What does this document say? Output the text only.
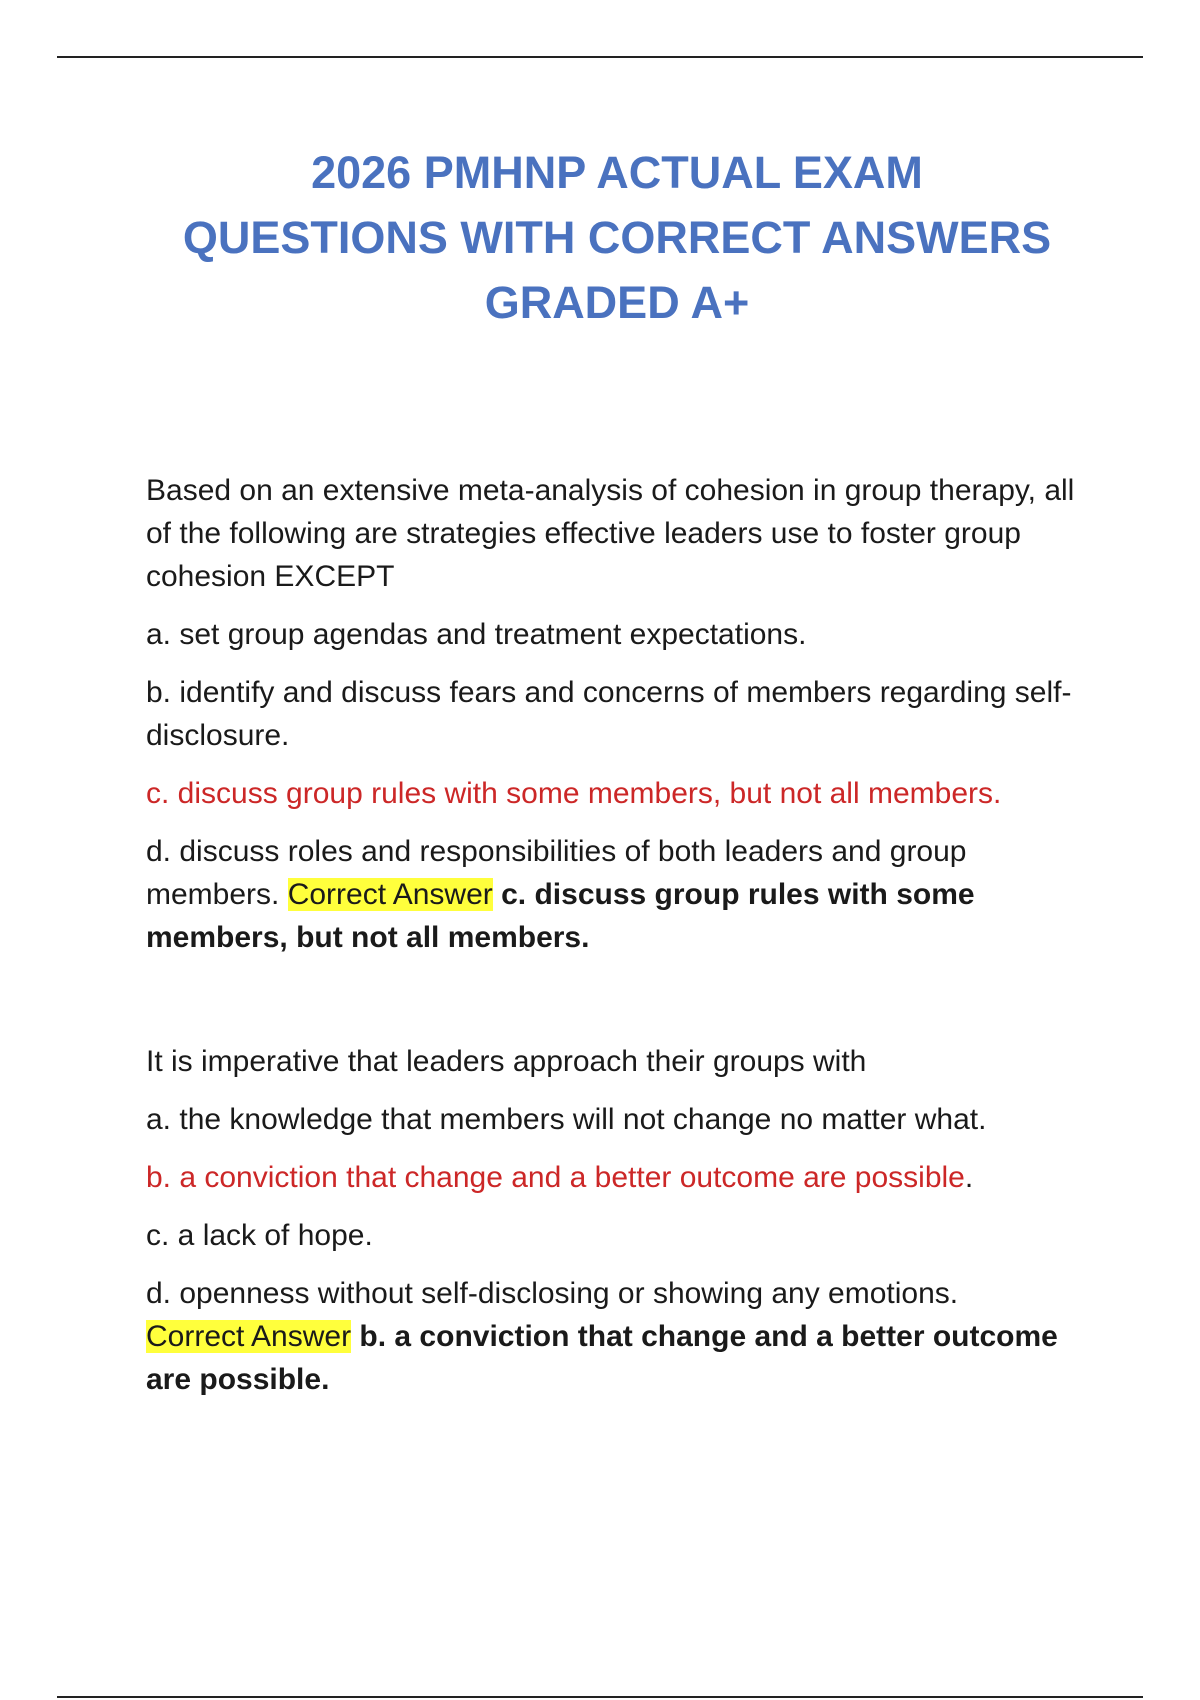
2026 PMHNP ACTUAL EXAM
QUESTIONS WITH CORRECT ANSWERS
GRADED A+

Based on an extensive meta-analysis of cohesion in group therapy, all of the following are strategies effective leaders use to foster group cohesion EXCEPT

a. set group agendas and treatment expectations.

b. identify and discuss fears and concerns of members regarding self-disclosure.

c. discuss group rules with some members, but not all members.

d. discuss roles and responsibilities of both leaders and group members. Correct Answer c. discuss group rules with some members, but not all members.

It is imperative that leaders approach their groups with

a. the knowledge that members will not change no matter what.

b. a conviction that change and a better outcome are possible.

c. a lack of hope.

d. openness without self-disclosing or showing any emotions.
Correct Answer b. a conviction that change and a better outcome are possible.
